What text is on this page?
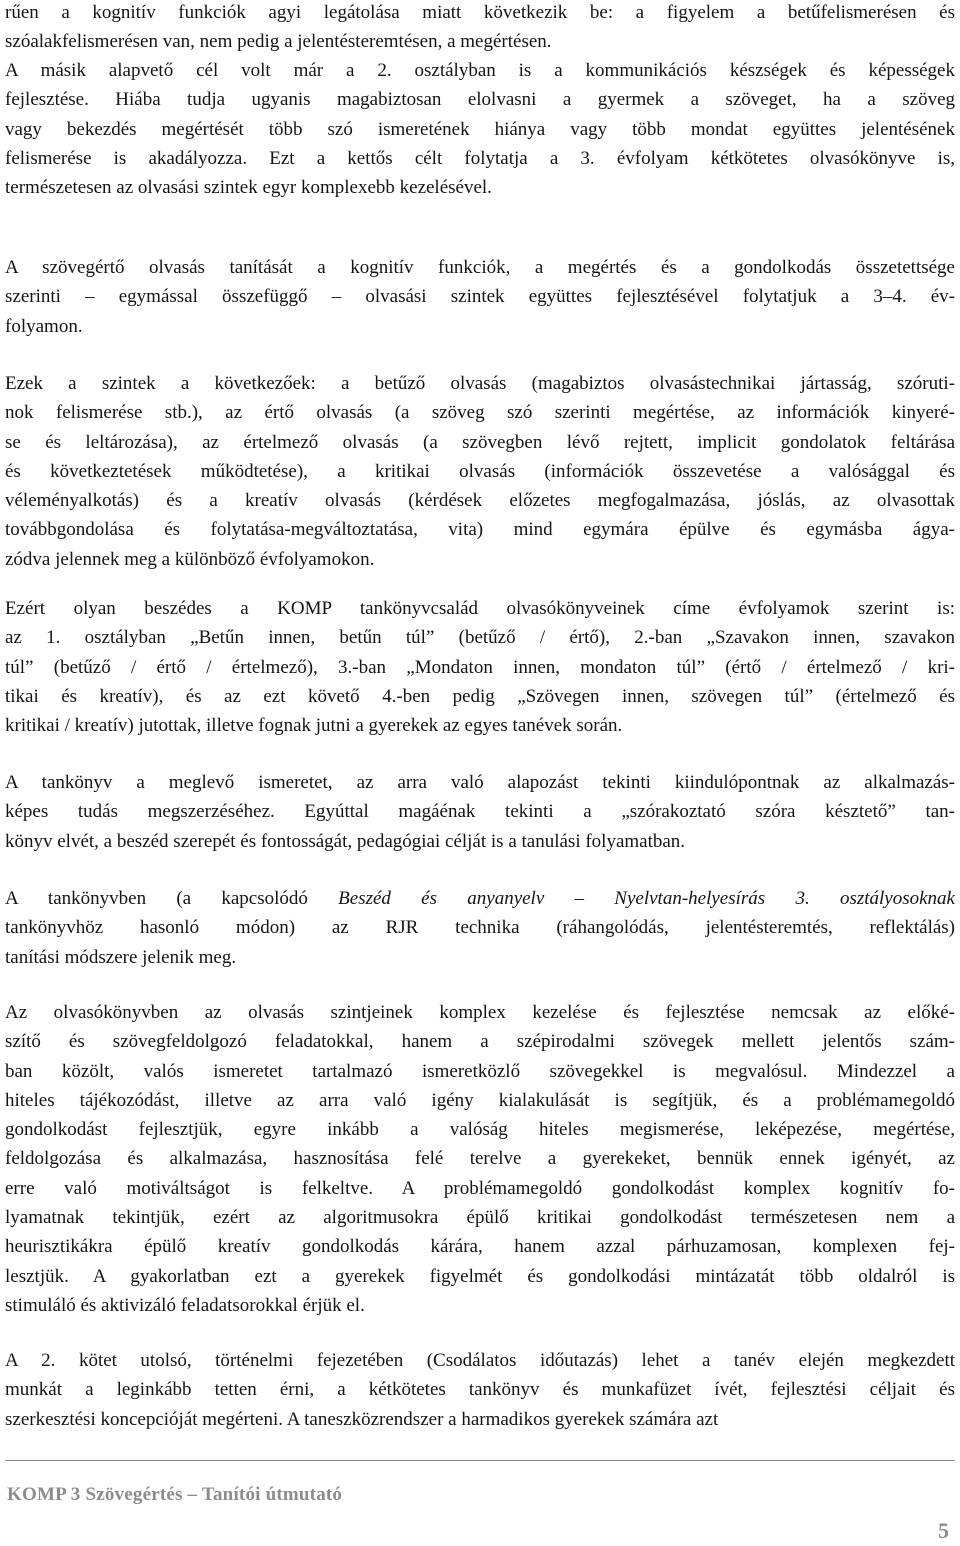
rűen a kognitív funkciók agyi legátolása miatt következik be: a figyelem a betűfelismerésen és
szóalakfelismerésen van, nem pedig a jelentésteremtésen, a megértésen.
A másik alapvető cél volt már a 2. osztályban is a kommunikációs készségek és képességek
fejlesztése. Hiába tudja ugyanis magabiztosan elolvasni a gyermek a szöveget, ha a szöveg
vagy bekezdés megértését több szó ismeretének hiánya vagy több mondat együttes jelentésének
felismerése is akadályozza. Ezt a kettős célt folytatja a 3. évfolyam kétkötetes olvasókönyve is,
természetesen az olvasási szintek egyr komplexebb kezelésével.
A szövegértő olvasás tanítását a kognitív funkciók, a megértés és a gondolkodás összetettsége
szerinti – egymással összefüggő – olvasási szintek együttes fejlesztésével folytatjuk a 3–4. év-
folyamon.
Ezek a szintek a következőek: a betűző olvasás (magabiztos olvasástechnikai jártasság, szóruti-
nok felismerése stb.), az értő olvasás (a szöveg szó szerinti megértése, az információk kinyeré-
se és leltározása), az értelmező olvasás (a szövegben lévő rejtett, implicit gondolatok feltárása
és következtetések működtetése), a kritikai olvasás (információk összevetése a valósággal és
véleményalkotás) és a kreatív olvasás (kérdések előzetes megfogalmazása, jóslás, az olvasottak
továbbgondolása és folytatása-megváltoztatása, vita) mind egymára épülve és egymásba ágya-
zódva jelennek meg a különböző évfolyamokon.
Ezért olyan beszédes a KOMP tankönyvcsalád olvasókönyveinek címe évfolyamok szerint is:
az 1. osztályban „Betűn innen, betűn túl” (betűző / értő), 2.-ban „Szavakon innen, szavakon
túl” (betűző / értő / értelmező), 3.-ban „Mondaton innen, mondaton túl” (értő / értelmező / kri-
tikai és kreatív), és az ezt követő 4.-ben pedig „Szövegen innen, szövegen túl” (értelmező és
kritikai / kreatív) jutottak, illetve fognak jutni a gyerekek az egyes tanévek során.
A tankönyv a meglevő ismeretet, az arra való alapozást tekinti kiindulópontnak az alkalmazás-
képes tudás megszerzéséhez. Egyúttal magáénak tekinti a „szórakoztató szóra késztető” tan-
könyv elvét, a beszéd szerepét és fontosságát, pedagógiai célját is a tanulási folyamatban.
A tankönyvben (a kapcsolódó Beszéd és anyanyelv – Nyelvtan-helyesírás 3. osztályosoknak
tankönyvhöz hasonló módon) az RJR technika (ráhangolódás, jelentésteremtés, reflektálás)
tanítási módszere jelenik meg.
Az olvasókönyvben az olvasás szintjeinek komplex kezelése és fejlesztése nemcsak az előké-
szítő és szövegfeldolgozó feladatokkal, hanem a szépirodalmi szövegek mellett jelentős szám-
ban közölt, valós ismeretet tartalmazó ismeretközlő szövegekkel is megvalósul. Mindezzel a
hiteles tájékozódást, illetve az arra való igény kialakulását is segítjük, és a problémamegoldó
gondolkodást fejlesztjük, egyre inkább a valóság hiteles megismerése, leképezése, megértése,
feldolgozása és alkalmazása, hasznosítása felé terelve a gyerekeket, bennük ennek igényét, az
erre való motiváltságot is felkeltve. A problémamegoldó gondolkodást komplex kognitív fo-
lyamatnak tekintjük, ezért az algoritmusokra épülő kritikai gondolkodást természetesen nem a
heurisztikákra épülő kreatív gondolkodás kárára, hanem azzal párhuzamosan, komplexen fej-
lesztjük. A gyakorlatban ezt a gyerekek figyelmét és gondolkodási mintázatát több oldalról is
stimuláló és aktivizáló feladatsorokkal érjük el.
A 2. kötet utolsó, történelmi fejezetében (Csodálatos időutazás) lehet a tanév elején megkezdett
munkát a leginkább tetten érni, a kétkötetes tankönyv és munkafüzet ívét, fejlesztési céljait és
szerkesztési koncepcióját megérteni. A taneszközrendszer a harmadikos gyerekek számára azt
KOMP 3 Szövegértés – Tanítói útmutató
5
